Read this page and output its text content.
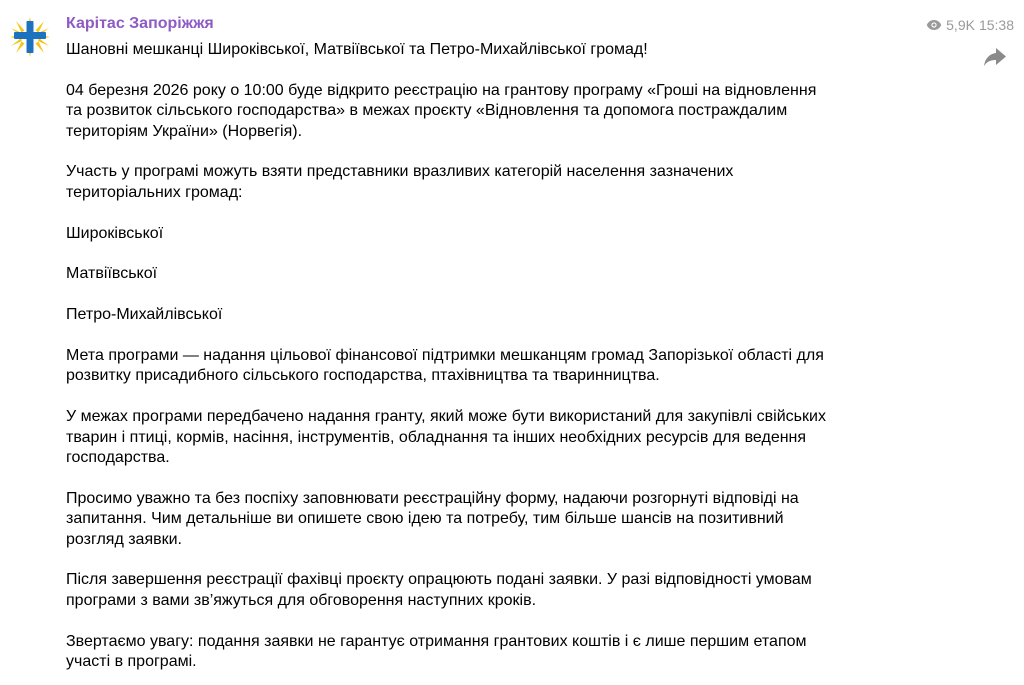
Карітас Запоріжжя	5,9K 15:38

Шановні мешканці Широківської, Матвіївської та Петро-Михайлівської громад!

04 березня 2026 року о 10:00 буде відкрито реєстрацію на грантову програму «Гроші на відновлення
та розвиток сільського господарства» в межах проєкту «Відновлення та допомога постраждалим
територіям України» (Норвегія).

Участь у програмі можуть взяти представники вразливих категорій населення зазначених
територіальних громад:

Широківської

Матвіївської

Петро-Михайлівської

Мета програми — надання цільової фінансової підтримки мешканцям громад Запорізької області для
розвитку присадибного сільського господарства, птахівництва та тваринництва.

У межах програми передбачено надання гранту, який може бути використаний для закупівлі свійських
тварин і птиці, кормів, насіння, інструментів, обладнання та інших необхідних ресурсів для ведення
господарства.

Просимо уважно та без поспіху заповнювати реєстраційну форму, надаючи розгорнуті відповіді на
запитання. Чим детальніше ви опишете свою ідею та потребу, тим більше шансів на позитивний
розгляд заявки.

Після завершення реєстрації фахівці проєкту опрацюють подані заявки. У разі відповідності умовам
програми з вами зв’яжуться для обговорення наступних кроків.

Звертаємо увагу: подання заявки не гарантує отримання грантових коштів і є лише першим етапом
участі в програмі.
